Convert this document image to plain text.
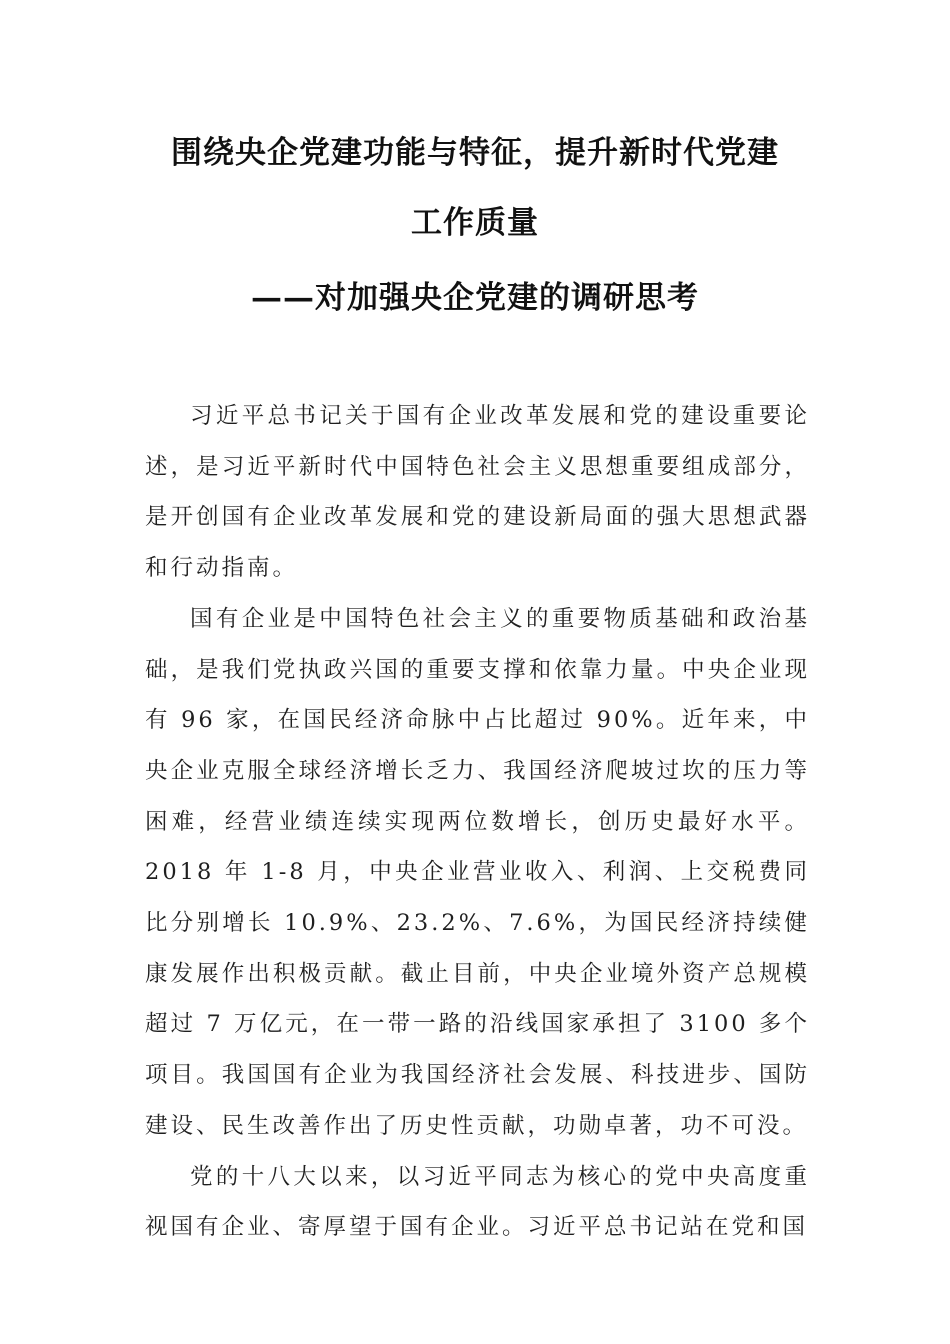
围绕央企党建功能与特征，提升新时代党建
工作质量
——对加强央企党建的调研思考

习近平总书记关于国有企业改革发展和党的建设重要论述，是习近平新时代中国特色社会主义思想重要组成部分，是开创国有企业改革发展和党的建设新局面的强大思想武器和行动指南。

国有企业是中国特色社会主义的重要物质基础和政治基础，是我们党执政兴国的重要支撑和依靠力量。中央企业现有 96 家，在国民经济命脉中占比超过 90%。近年来，中央企业克服全球经济增长乏力、我国经济爬坡过坎的压力等困难，经营业绩连续实现两位数增长，创历史最好水平。2018 年 1-8 月，中央企业营业收入、利润、上交税费同比分别增长 10.9%、23.2%、7.6%，为国民经济持续健康发展作出积极贡献。截止目前，中央企业境外资产总规模超过 7 万亿元，在一带一路的沿线国家承担了 3100 多个项目。我国国有企业为我国经济社会发展、科技进步、国防建设、民生改善作出了历史性贡献，功勋卓著，功不可没。

党的十八大以来，以习近平同志为核心的党中央高度重视国有企业、寄厚望于国有企业。习近平总书记站在党和国
